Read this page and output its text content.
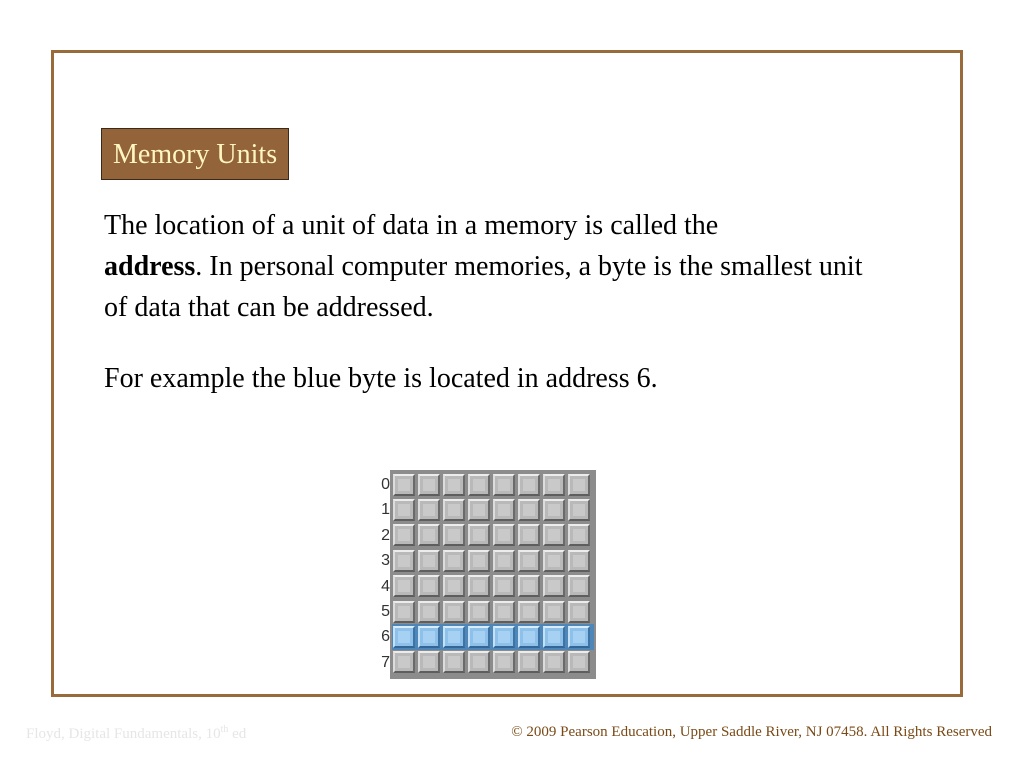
Memory Units

The location of a unit of data in a memory is called the
address. In personal computer memories, a byte is the smallest unit of data that can be addressed.

For example the blue byte is located in address 6.

0
1
2
3
4
5
6
7
Floyd, Digital Fundamentals, 10th ed	© 2009 Pearson Education, Upper Saddle River, NJ 07458. All Rights Reserved
